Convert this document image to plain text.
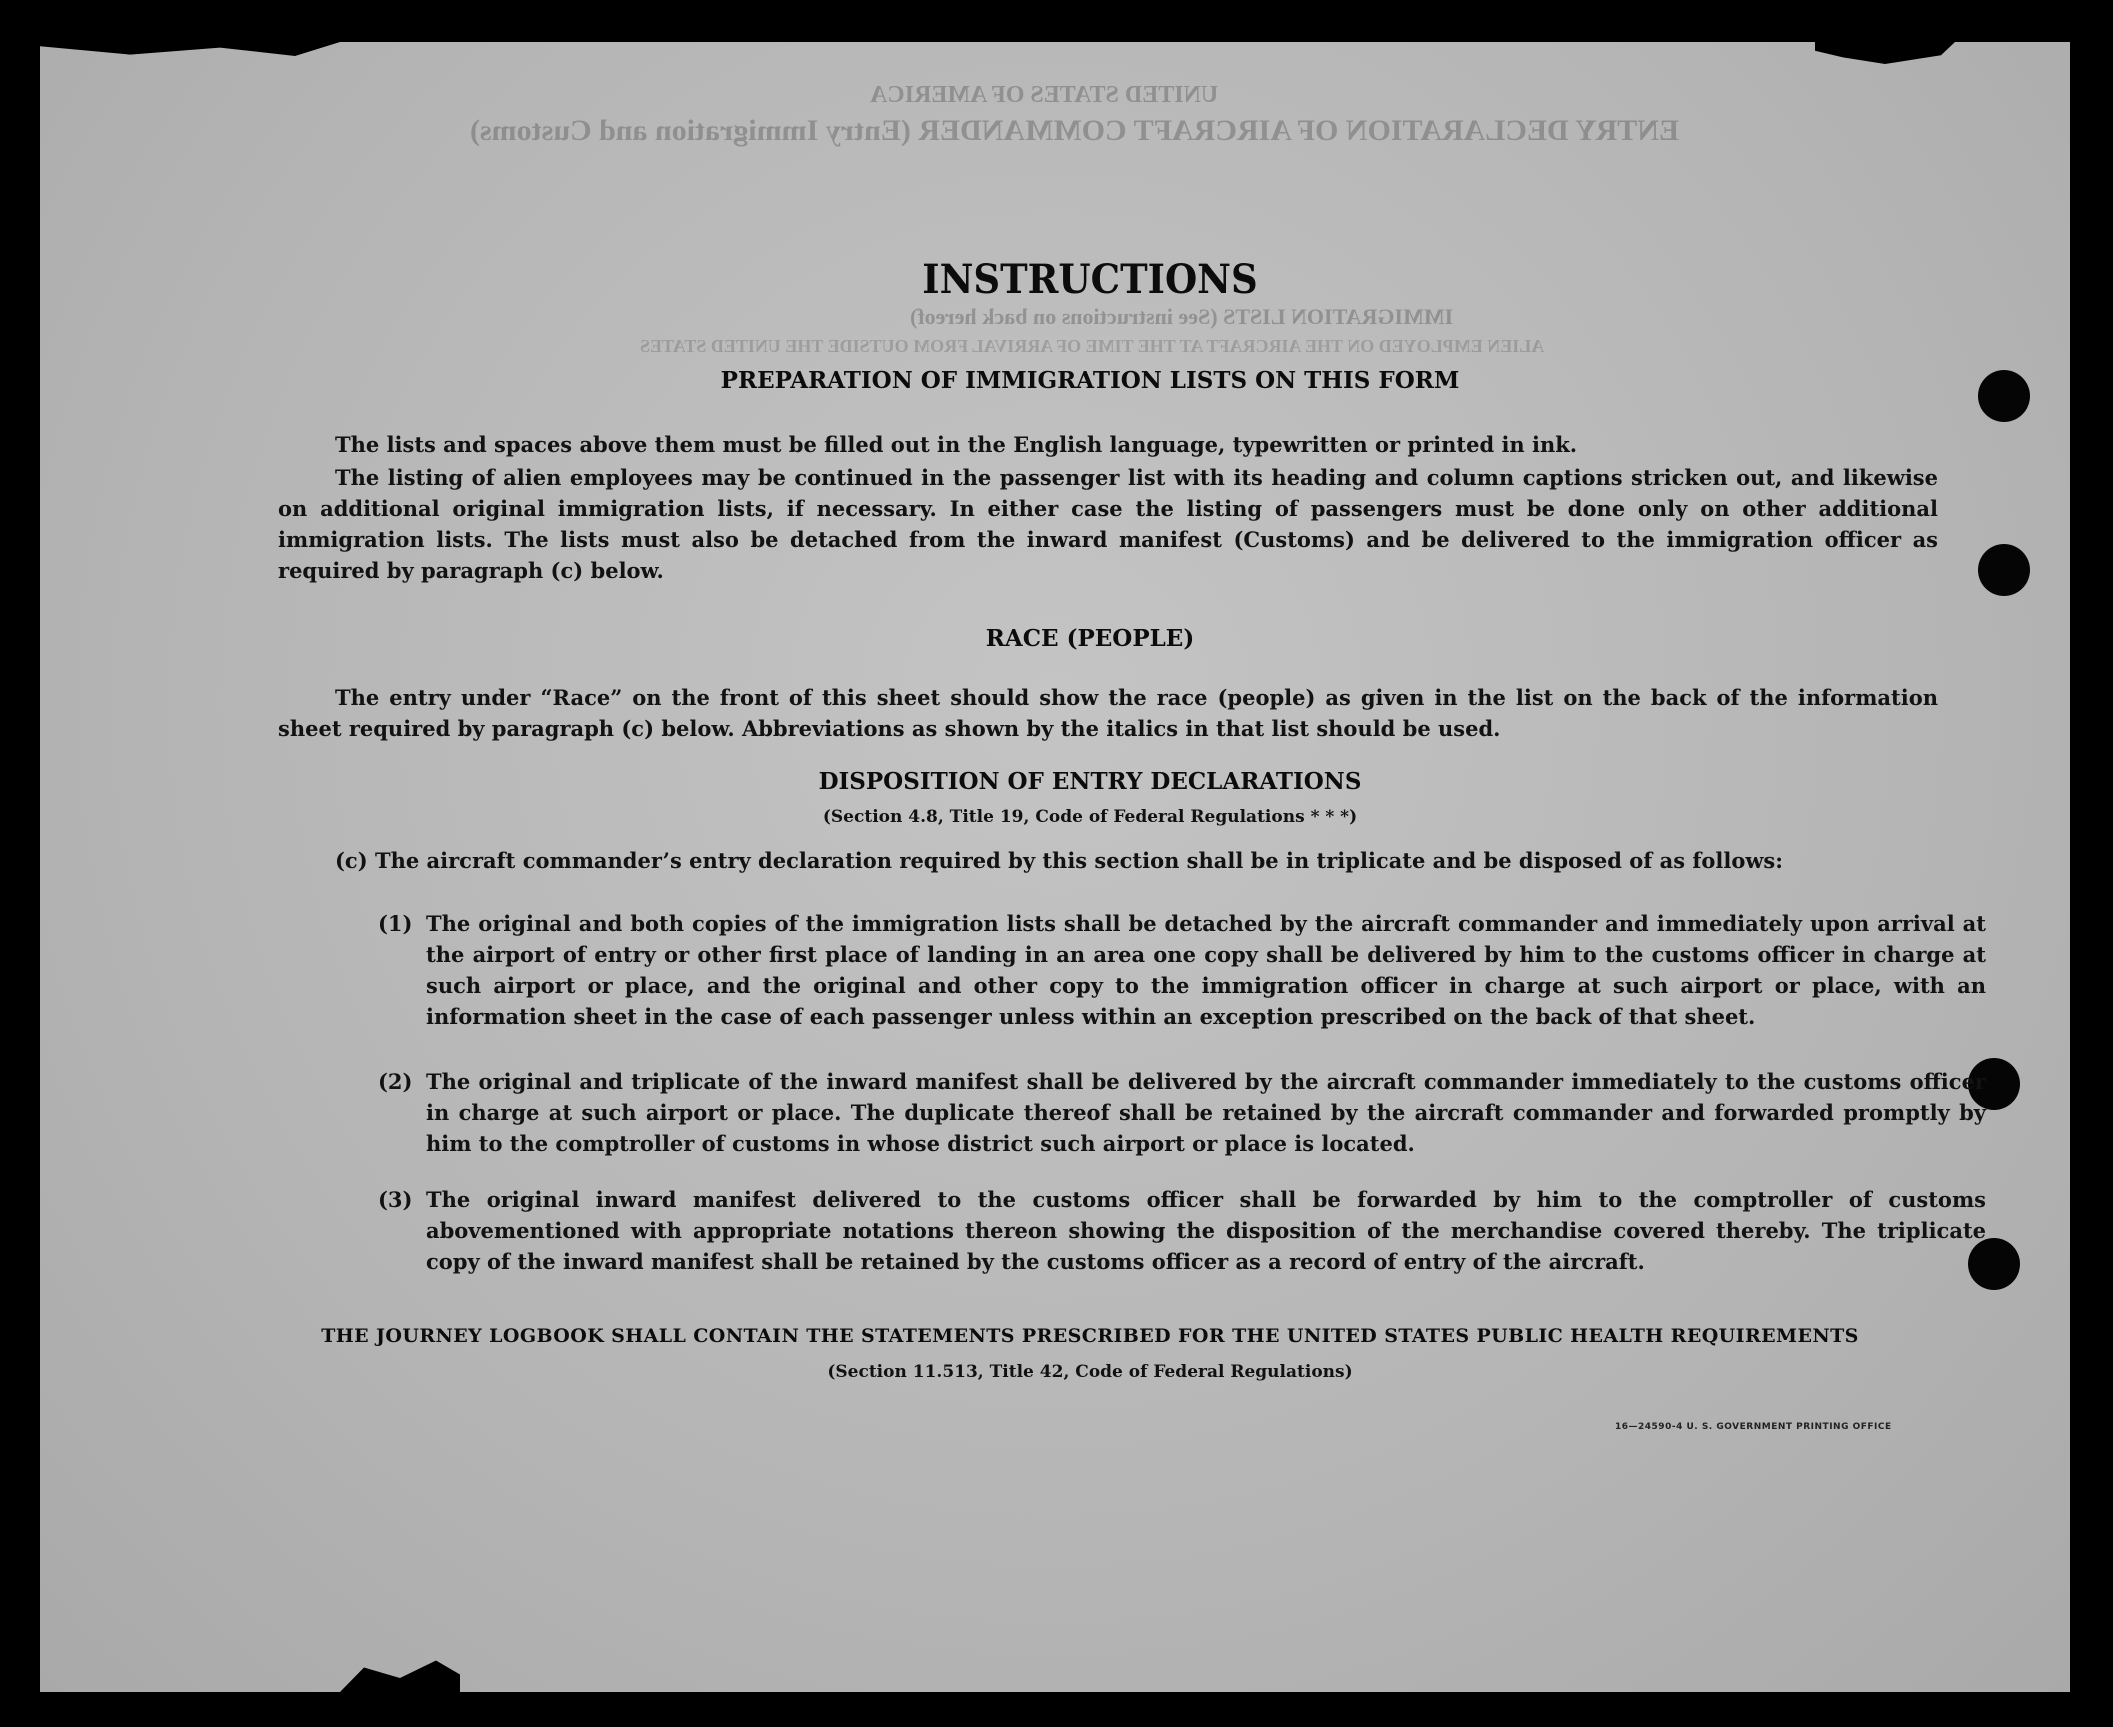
UNITED STATES OF AMERICA
ENTRY DECLARATION OF AIRCRAFT COMMANDER (Entry Immigration and Customs)
IMMIGRATION LISTS (See instructions on back hereof)
ALIEN EMPLOYED ON THE AIRCRAFT AT THE TIME OF ARRIVAL FROM OUTSIDE THE UNITED STATES
INSTRUCTIONS
PREPARATION OF IMMIGRATION LISTS ON THIS FORM
The lists and spaces above them must be filled out in the English language, typewritten or printed in ink.
The listing of alien employees may be continued in the passenger list with its heading and column captions stricken out, and likewise on additional original immigration lists, if necessary. In either case the listing of passengers must be done only on other additional immigration lists. The lists must also be detached from the inward manifest (Customs) and be delivered to the immigration officer as required by paragraph (c) below.
RACE (PEOPLE)
The entry under “Race” on the front of this sheet should show the race (people) as given in the list on the back of the information sheet required by paragraph (c) below. Abbreviations as shown by the italics in that list should be used.
DISPOSITION OF ENTRY DECLARATIONS
(Section 4.8, Title 19, Code of Federal Regulations * * *)
(c) The aircraft commander’s entry declaration required by this section shall be in triplicate and be disposed of as follows:
(1) The original and both copies of the immigration lists shall be detached by the aircraft commander and immediately upon arrival at the airport of entry or other first place of landing in an area one copy shall be delivered by him to the customs officer in charge at such airport or place, and the original and other copy to the immigration officer in charge at such airport or place, with an information sheet in the case of each passenger unless within an exception prescribed on the back of that sheet.
(2) The original and triplicate of the inward manifest shall be delivered by the aircraft commander immediately to the customs officer in charge at such airport or place. The duplicate thereof shall be retained by the aircraft commander and forwarded promptly by him to the comptroller of customs in whose district such airport or place is located.
(3) The original inward manifest delivered to the customs officer shall be forwarded by him to the comptroller of customs abovementioned with appropriate notations thereon showing the disposition of the merchandise covered thereby. The triplicate copy of the inward manifest shall be retained by the customs officer as a record of entry of the aircraft.
THE JOURNEY LOGBOOK SHALL CONTAIN THE STATEMENTS PRESCRIBED FOR THE UNITED STATES PUBLIC HEALTH REQUIREMENTS
(Section 11.513, Title 42, Code of Federal Regulations)
16—24590-4 U. S. GOVERNMENT PRINTING OFFICE
